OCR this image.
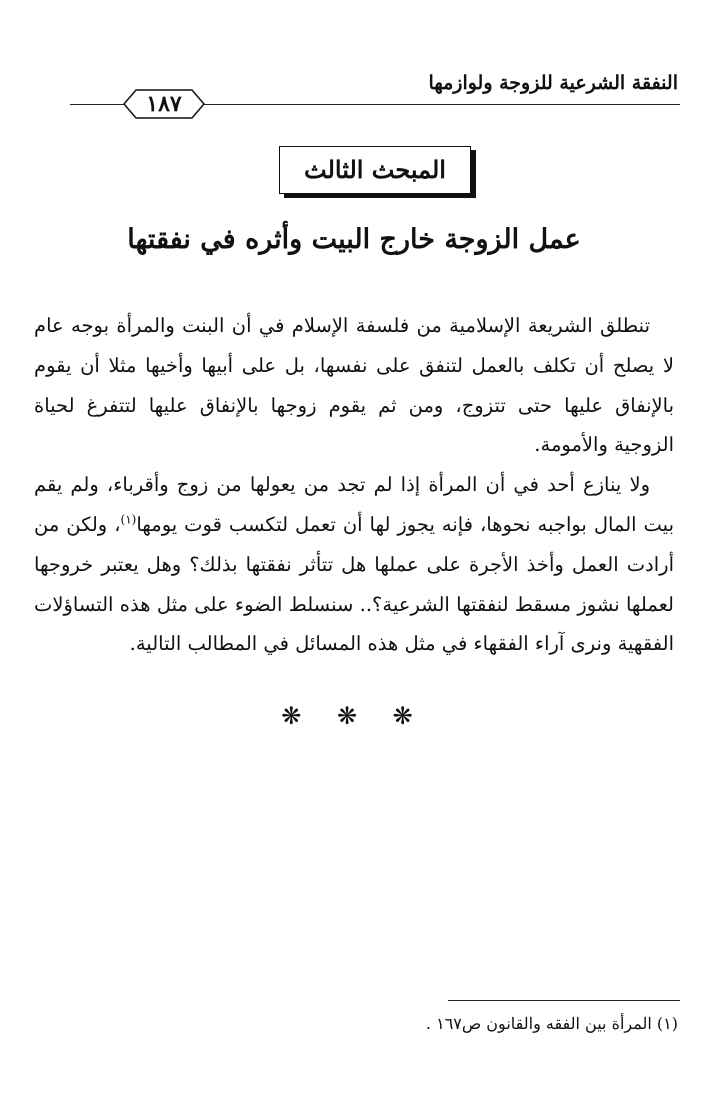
النفقة الشرعية للزوجة ولوازمها
١٨٧
المبحث الثالث
عمل الزوجة خارج البيت وأثره في نفقتها

تنطلق الشريعة الإسلامية من فلسفة الإسلام في أن البنت والمرأة بوجه عام لا يصلح أن تكلف بالعمل لتنفق على نفسها، بل على أبيها وأخيها مثلا أن يقوم بالإنفاق عليها حتى تتزوج، ومن ثم يقوم زوجها بالإنفاق عليها لتتفرغ لحياة الزوجية والأمومة.

ولا ينازع أحد في أن المرأة إذا لم تجد من يعولها من زوج وأقرباء، ولم يقم بيت المال بواجبه نحوها، فإنه يجوز لها أن تعمل لتكسب قوت يومها$^{(١)}$، ولكن من أرادت العمل وأخذ الأجرة على عملها هل تتأثر نفقتها بذلك؟ وهل يعتبر خروجها لعملها نشوز مسقط لنفقتها الشرعية؟.. سنسلط الضوء على مثل هذه التساؤلات الفقهية ونرى آراء الفقهاء في مثل هذه المسائل في المطالب التالية.

❋ ❋ ❋
(١) المرأة بين الفقه والقانون ص١٦٧ .
